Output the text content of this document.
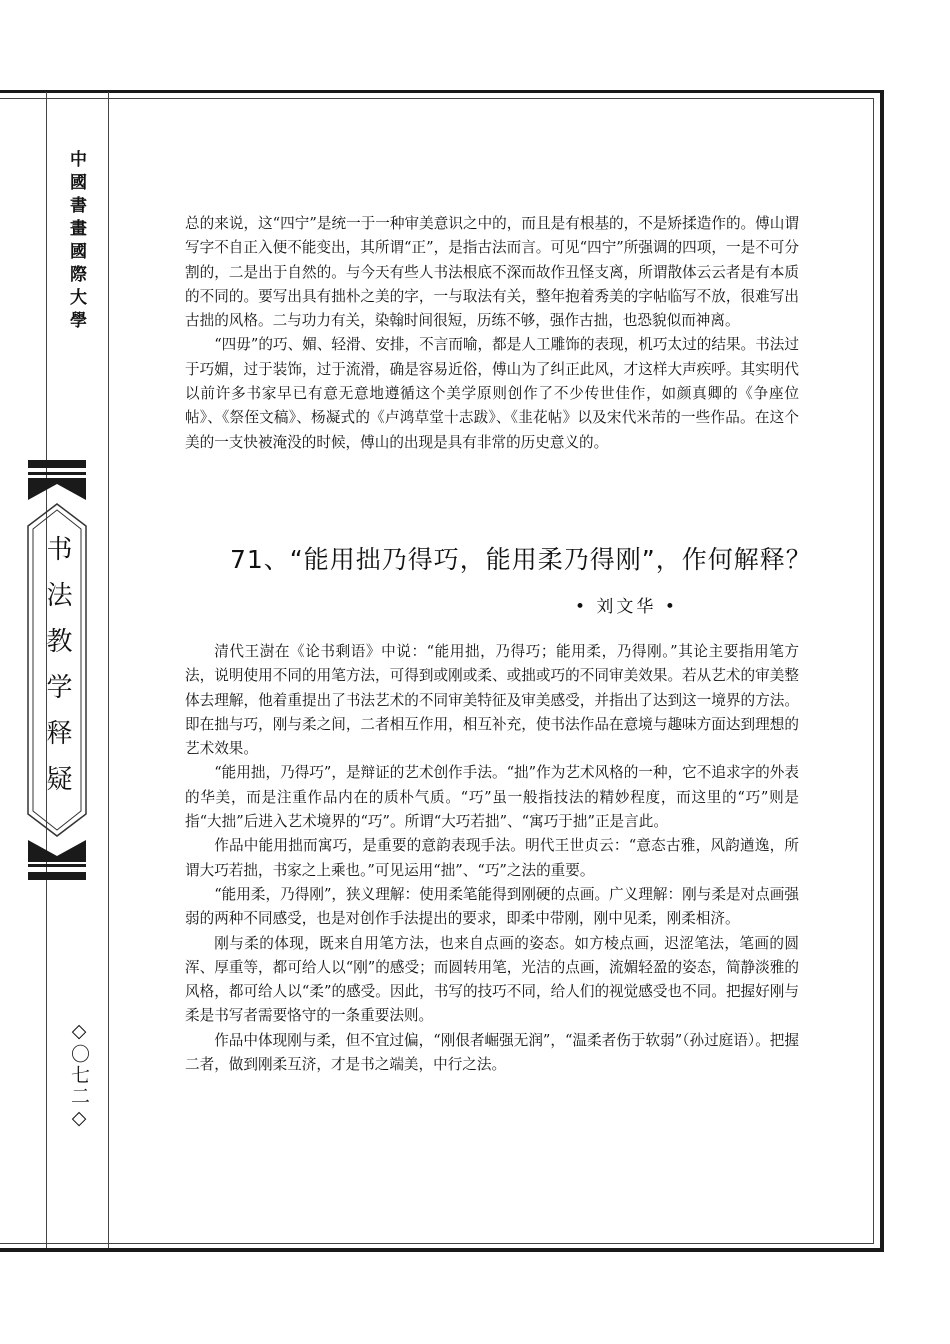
中國書畫國際大學
书法教学释疑
◇〇七二◇

总的来说，这“四宁”是统一于一种审美意识之中的，而且是有根基的，不是矫揉造作的。傅山谓写字不自正入便不能变出，其所谓“正”，是指古法而言。可见“四宁”所强调的四项，一是不可分割的，二是出于自然的。与今天有些人书法根底不深而故作丑怪支离，所谓散体云云者是有本质的不同的。要写出具有拙朴之美的字，一与取法有关，整年抱着秀美的字帖临写不放，很难写出古拙的风格。二与功力有关，染翰时间很短，历练不够，强作古拙，也恐貌似而神离。

“四毋”的巧、媚、轻滑、安排，不言而喻，都是人工雕饰的表现，机巧太过的结果。书法过于巧媚，过于装饰，过于流滑，确是容易近俗，傅山为了纠正此风，才这样大声疾呼。其实明代以前许多书家早已有意无意地遵循这个美学原则创作了不少传世佳作，如颜真卿的《争座位帖》、《祭侄文稿》、杨凝式的《卢鸿草堂十志跋》、《韭花帖》以及宋代米芾的一些作品。在这个美的一支快被淹没的时候，傅山的出现是具有非常的历史意义的。

71、“能用拙乃得巧，能用柔乃得刚”，作何解释？
• 刘文华 •

清代王澍在《论书剩语》中说：“能用拙，乃得巧；能用柔，乃得刚。”其论主要指用笔方法，说明使用不同的用笔方法，可得到或刚或柔、或拙或巧的不同审美效果。若从艺术的审美整体去理解，他着重提出了书法艺术的不同审美特征及审美感受，并指出了达到这一境界的方法。即在拙与巧，刚与柔之间，二者相互作用，相互补充，使书法作品在意境与趣味方面达到理想的艺术效果。

“能用拙，乃得巧”，是辩证的艺术创作手法。“拙”作为艺术风格的一种，它不追求字的外表的华美，而是注重作品内在的质朴气质。“巧”虽一般指技法的精妙程度，而这里的“巧”则是指“大拙”后进入艺术境界的“巧”。所谓“大巧若拙”、“寓巧于拙”正是言此。

作品中能用拙而寓巧，是重要的意韵表现手法。明代王世贞云：“意态古雅，风韵遒逸，所谓大巧若拙，书家之上乘也。”可见运用“拙”、“巧”之法的重要。

“能用柔，乃得刚”，狭义理解：使用柔笔能得到刚硬的点画。广义理解：刚与柔是对点画强弱的两种不同感受，也是对创作手法提出的要求，即柔中带刚，刚中见柔，刚柔相济。

刚与柔的体现，既来自用笔方法，也来自点画的姿态。如方棱点画，迟涩笔法，笔画的圆浑、厚重等，都可给人以“刚”的感受；而圆转用笔，光洁的点画，流媚轻盈的姿态，简静淡雅的风格，都可给人以“柔”的感受。因此，书写的技巧不同，给人们的视觉感受也不同。把握好刚与柔是书写者需要恪守的一条重要法则。

作品中体现刚与柔，但不宜过偏，“刚佷者崛强无润”，“温柔者伤于软弱”（孙过庭语）。把握二者，做到刚柔互济，才是书之端美，中行之法。
